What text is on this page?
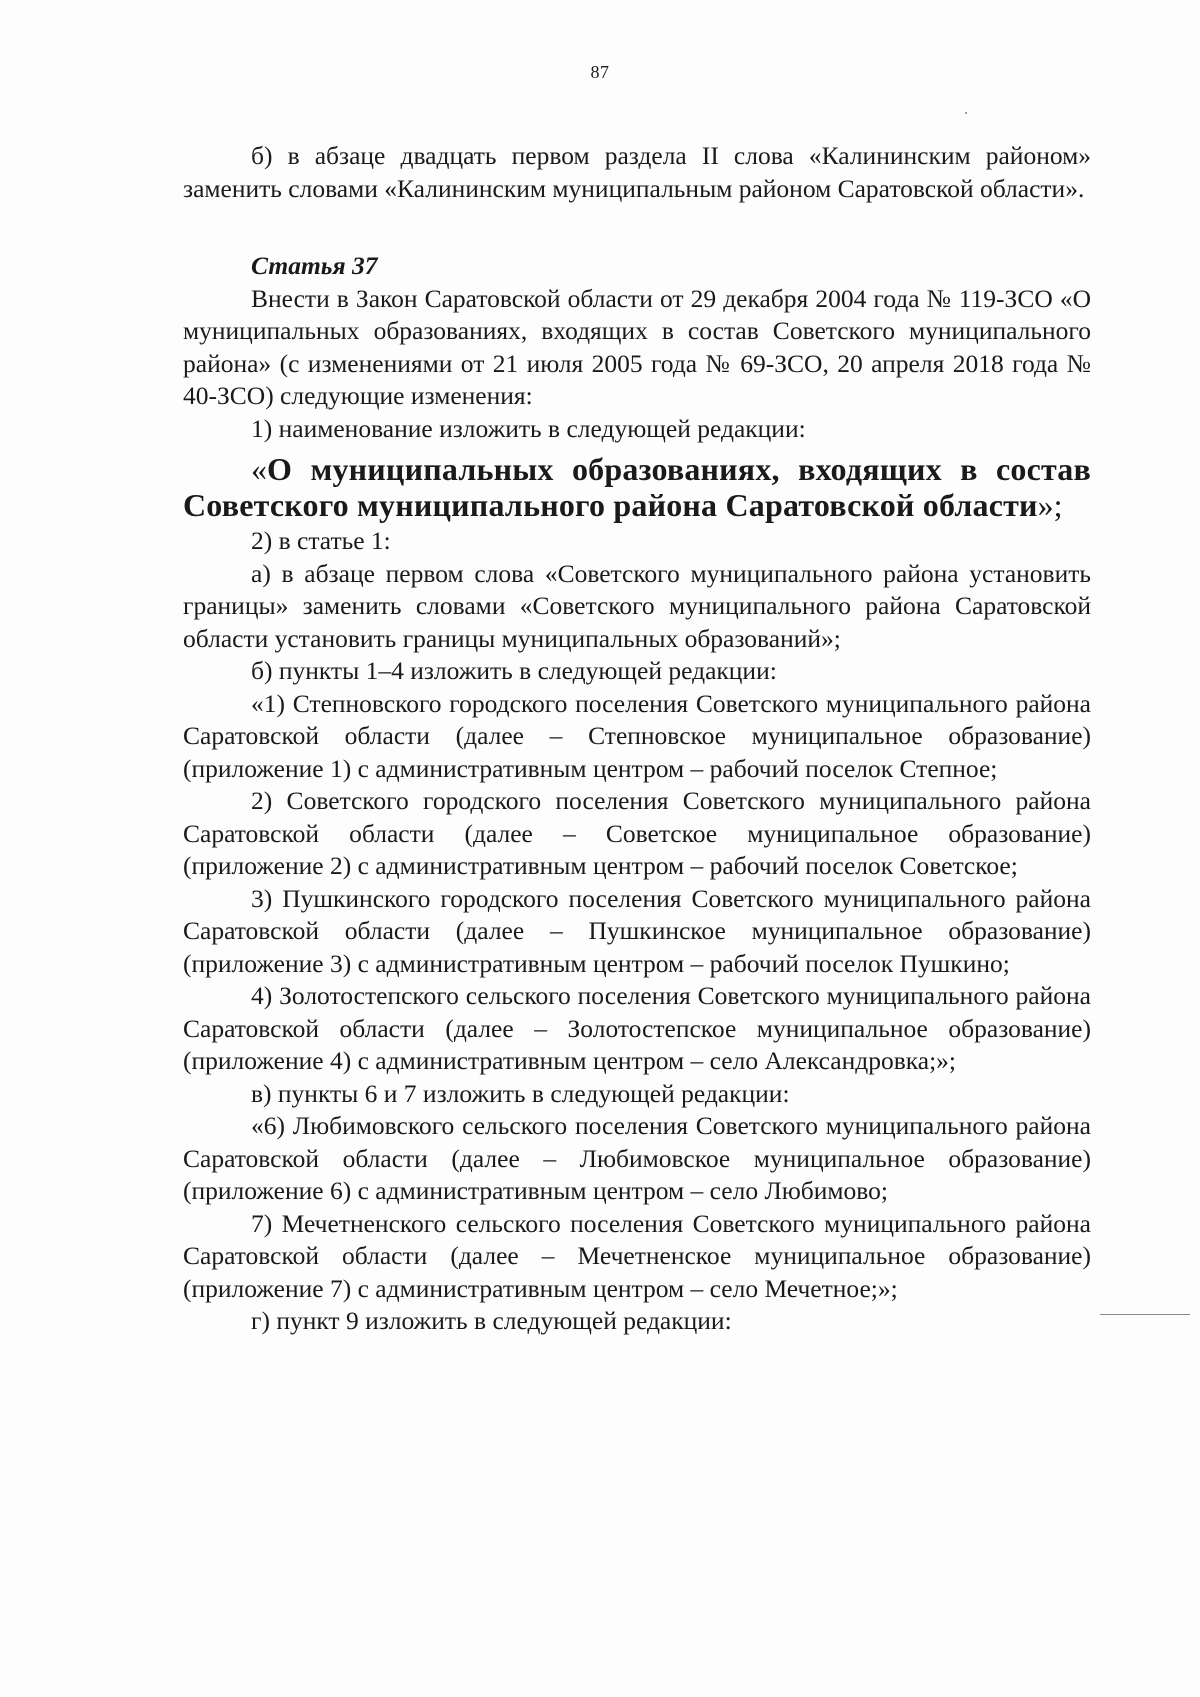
87

б) в абзаце двадцать первом раздела II слова «Калининским районом» заменить словами «Калининским муниципальным районом Саратовской области».

Статья 37

Внести в Закон Саратовской области от 29 декабря 2004 года № 119-ЗСО «О муниципальных образованиях, входящих в состав Советского муниципального района» (с изменениями от 21 июля 2005 года № 69-ЗСО, 20 апреля 2018 года № 40-ЗСО) следующие изменения:

1) наименование изложить в следующей редакции:

«О муниципальных образованиях, входящих в состав Советского муниципального района Саратовской области»;

2) в статье 1:

а) в абзаце первом слова «Советского муниципального района установить границы» заменить словами «Советского муниципального района Саратовской области установить границы муниципальных образований»;

б) пункты 1–4 изложить в следующей редакции:

«1) Степновского городского поселения Советского муниципального района Саратовской области (далее – Степновское муниципальное образование) (приложение 1) с административным центром – рабочий поселок Степное;

2) Советского городского поселения Советского муниципального района Саратовской области (далее – Советское муниципальное образование) (приложение 2) с административным центром – рабочий поселок Советское;

3) Пушкинского городского поселения Советского муниципального района Саратовской области (далее – Пушкинское муниципальное образование) (приложение 3) с административным центром – рабочий поселок Пушкино;

4) Золотостепского сельского поселения Советского муниципального района Саратовской области (далее – Золотостепское муниципальное образование) (приложение 4) с административным центром – село Александровка;»;

в) пункты 6 и 7 изложить в следующей редакции:

«6) Любимовского сельского поселения Советского муниципального района Саратовской области (далее – Любимовское муниципальное образование) (приложение 6) с административным центром – село Любимово;

7) Мечетненского сельского поселения Советского муниципального района Саратовской области (далее – Мечетненское муниципальное образование) (приложение 7) с административным центром – село Мечетное;»;

г) пункт 9 изложить в следующей редакции:
